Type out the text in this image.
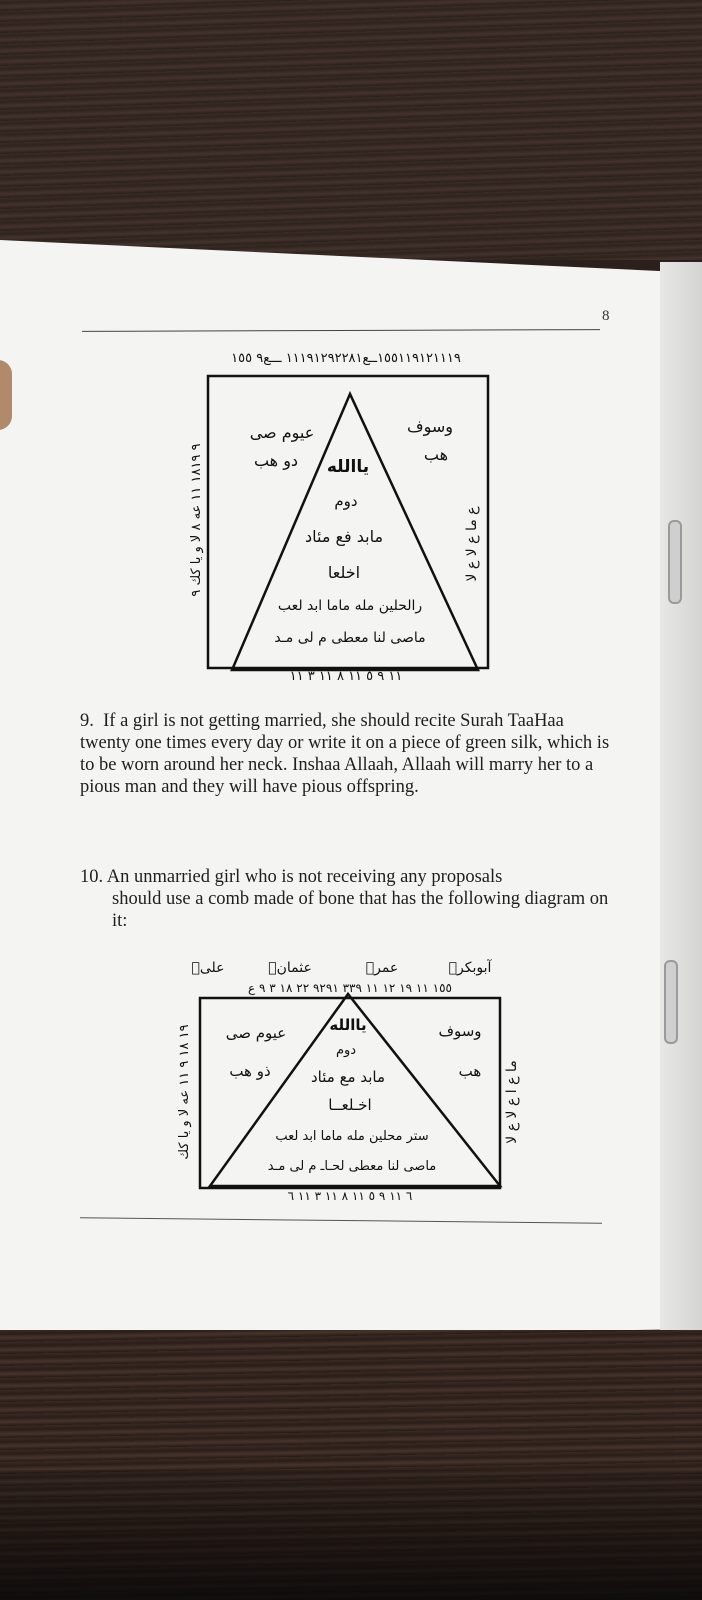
8
١٥٥١١٩١٢١١١٩ــع١١١٩١٢٩٢٢٨١ ـــع٩ ١٥٥
٩ ١٨١٩ ١١ عه ٨ لا و يا كك ٩
ع ما ع لا ع لا
١١ ٩ ٥ ١١ ٨ ١١ ٣ ١١
عيوم صى
دو هب
وسوف
هب
ياالله
دوم
مابد فع مئاد
اخلعا
رالحلين مله ماما ابد لعب
ماصى لنا معطى م لى مـد

9. If a girl is not getting married, she should recite Surah TaaHaa twenty one times every day or write it on a piece of green silk, which is to be worn around her neck. Inshaa Allaah, Allaah will marry her to a pious man and they will have pious offspring.

10. An unmarried girl who is not receiving any proposals
should use a comb made of bone that has the following diagram on it:

آبوبكرؓ
عمرؓ
عثمانؓ
علیؓ
١٥٥ ١١ ١٩ ١٢ ١١ ٣٣٩ ٩٢٩١ ٢٢ ١٨ ٣ ٩ ع
١٩ ١٨ ٩ ١١ عه لا و يا كك
ما ع ا ع لا ع لا
٦ ١١ ٩ ٥ ١١ ٨ ١١ ٣ ١١ ٦
عيوم صى
ذو هب
وسوف
هب
ياالله
دوم
مابد مع مئاد
اخـلعــا
ستر محلين مله ماما ابد لعب
ماصى لنا معطى لحـاـ م لى مـد
